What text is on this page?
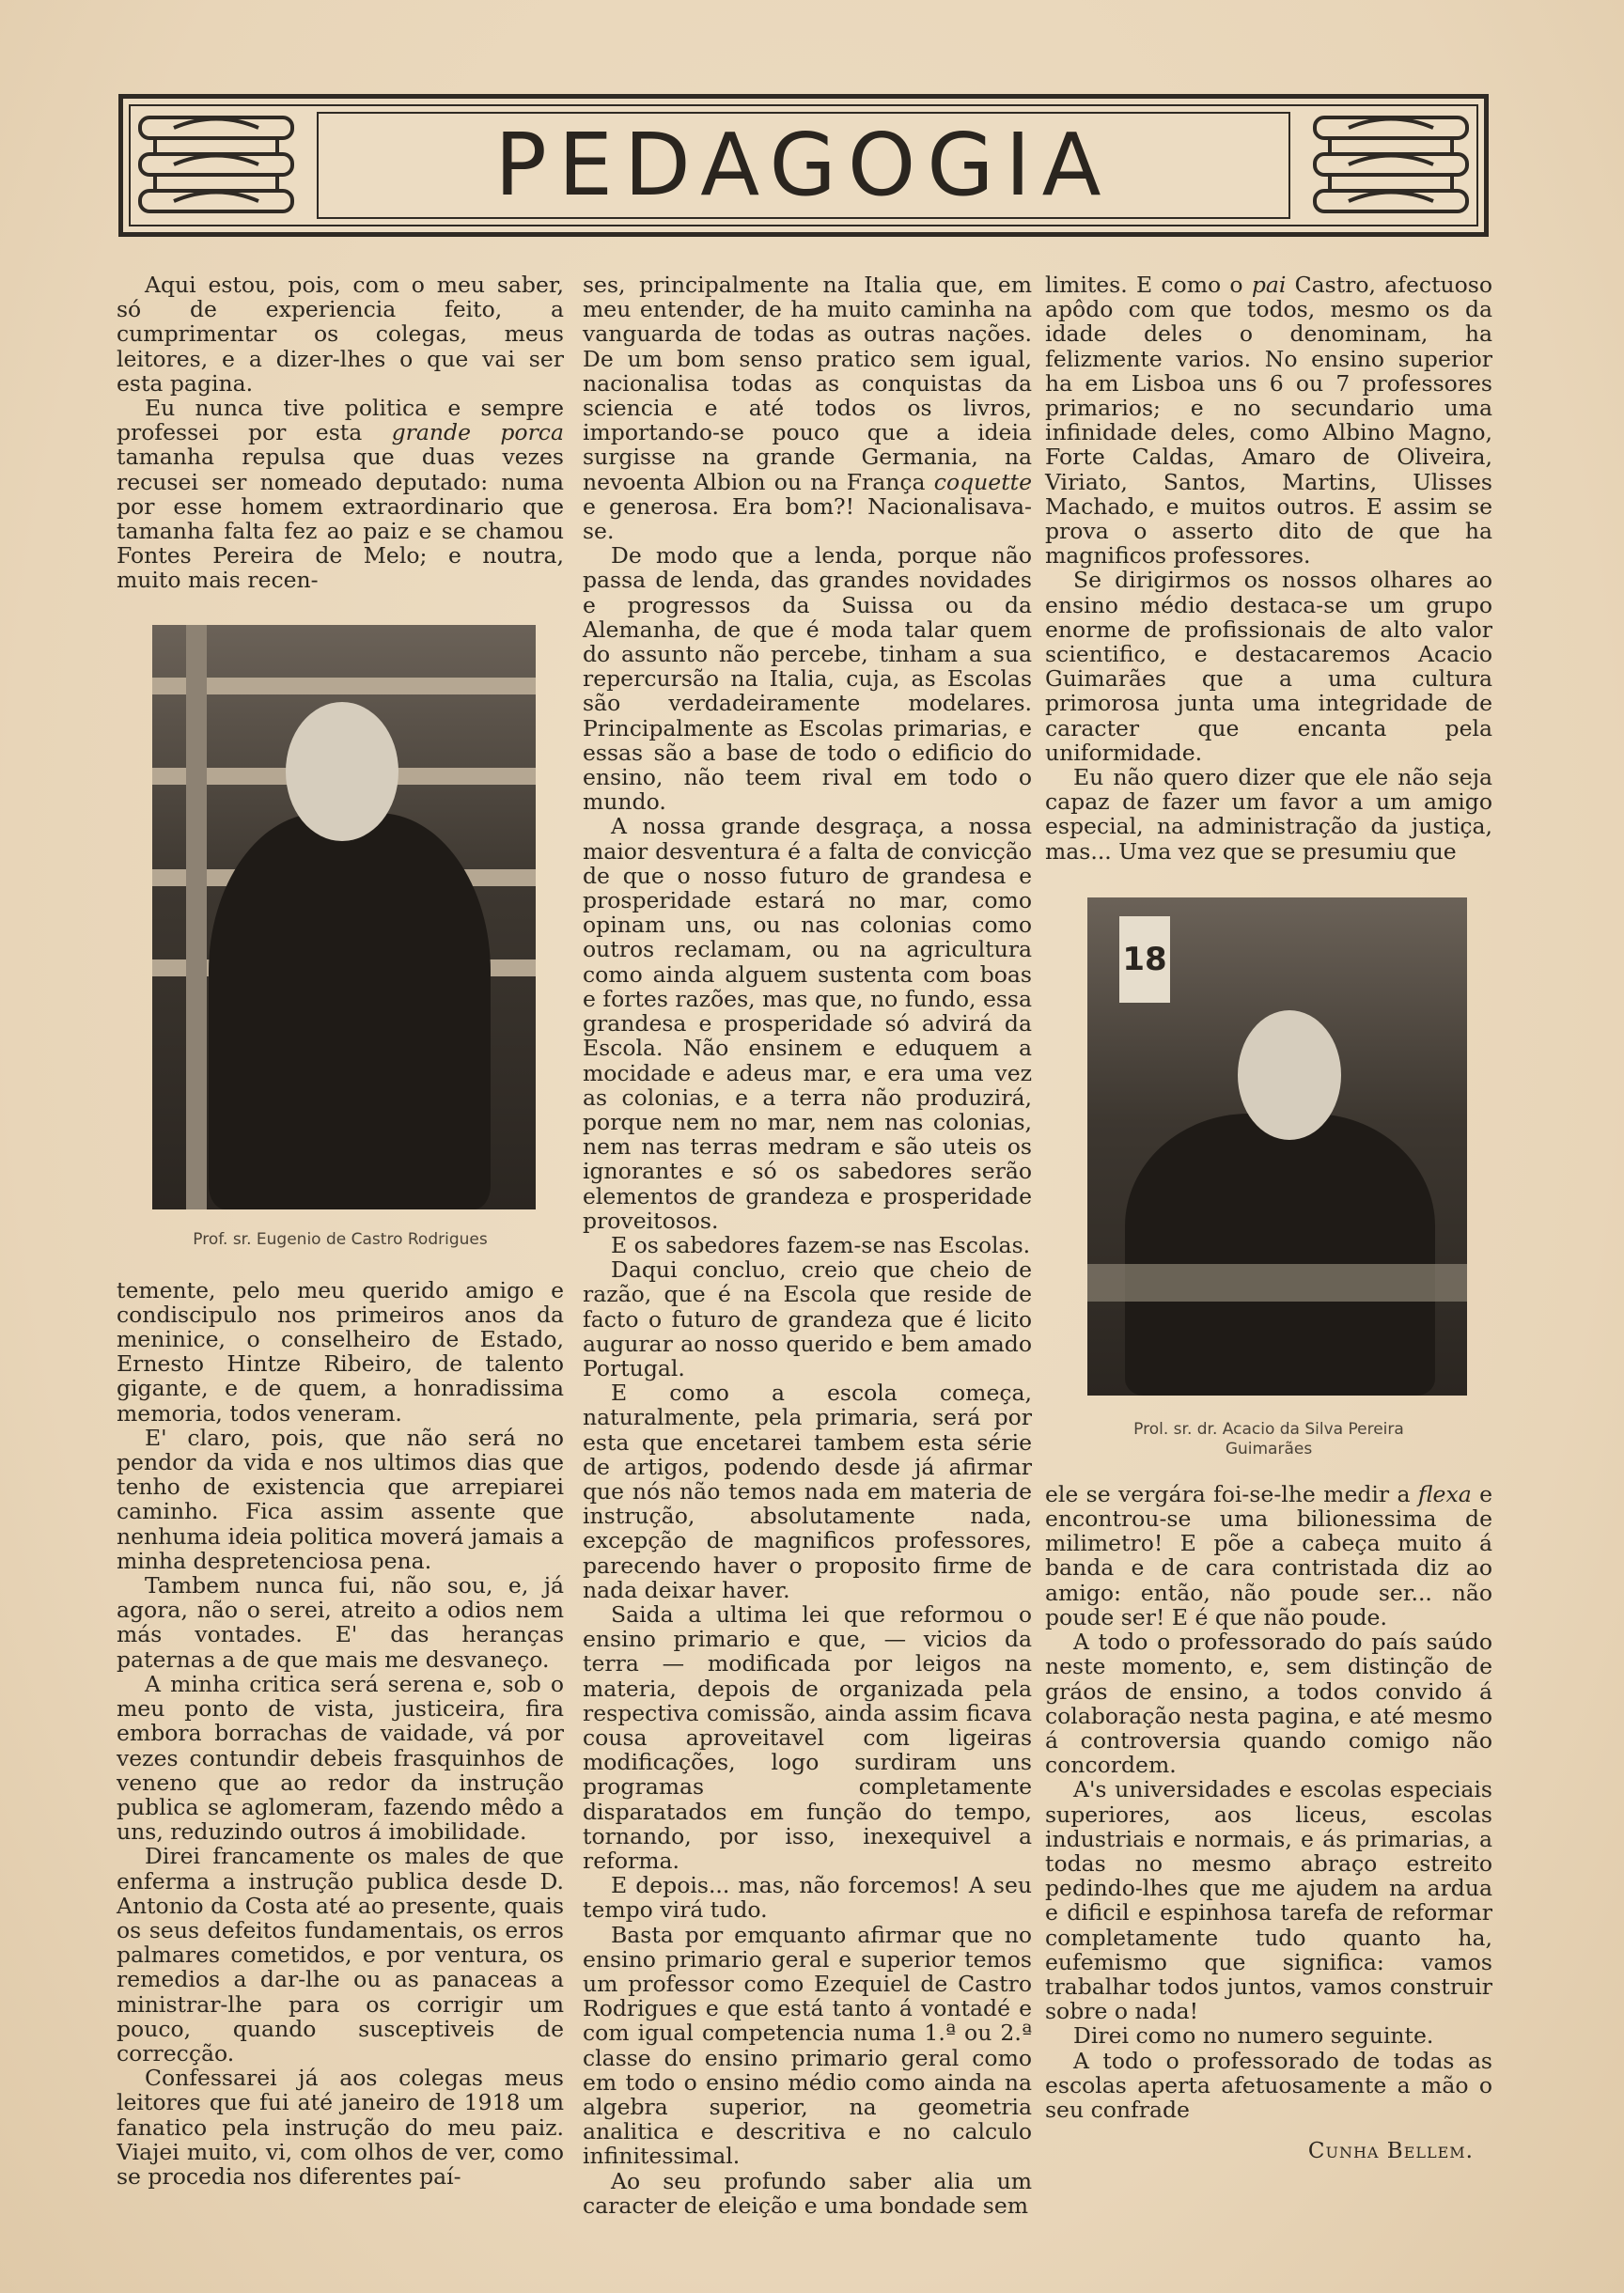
PEDAGOGIA

Aqui estou, pois, com o meu saber, só de experiencia feito, a cumprimentar os colegas, meus leitores, e a dizer-lhes o que vai ser esta pagina.

Eu nunca tive politica e sempre professei por esta grande porca tamanha repulsa que duas vezes recusei ser nomeado deputado: numa por esse homem extraordinario que tamanha falta fez ao paiz e se chamou Fontes Pereira de Melo; e noutra, muito mais recen-

Prof. sr. Eugenio de Castro Rodrigues

temente, pelo meu querido amigo e condiscipulo nos primeiros anos da meninice, o conselheiro de Estado, Ernesto Hintze Ribeiro, de talento gigante, e de quem, a honradissima memoria, todos veneram.

E' claro, pois, que não será no pendor da vida e nos ultimos dias que tenho de existencia que arrepiarei caminho. Fica assim assente que nenhuma ideia politica moverá jamais a minha despretenciosa pena.

Tambem nunca fui, não sou, e, já agora, não o serei, atreito a odios nem más vontades. E' das heranças paternas a de que mais me desvaneço.

A minha critica será serena e, sob o meu ponto de vista, justiceira, fira embora borrachas de vaidade, vá por vezes contundir debeis frasquinhos de veneno que ao redor da instrução publica se aglomeram, fazendo mêdo a uns, reduzindo outros á imobilidade.

Direi francamente os males de que enferma a instrução publica desde D. Antonio da Costa até ao presente, quais os seus defeitos fundamentais, os erros palmares cometidos, e por ventura, os remedios a dar-lhe ou as panaceas a ministrar-lhe para os corrigir um pouco, quando susceptiveis de correcção.

Confessarei já aos colegas meus leitores que fui até janeiro de 1918 um fanatico pela instrução do meu paiz. Viajei muito, vi, com olhos de ver, como se procedia nos diferentes paí-

ses, principalmente na Italia que, em meu entender, de ha muito caminha na vanguarda de todas as outras nações. De um bom senso pratico sem igual, nacionalisa todas as conquistas da sciencia e até todos os livros, importando-se pouco que a ideia surgisse na grande Germania, na nevoenta Albion ou na França coquette e generosa. Era bom?! Nacionalisava-se.

De modo que a lenda, porque não passa de lenda, das grandes novidades e progressos da Suissa ou da Alemanha, de que é moda talar quem do assunto não percebe, tinham a sua repercursão na Italia, cuja, as Escolas são verdadeiramente modelares. Principalmente as Escolas primarias, e essas são a base de todo o edificio do ensino, não teem rival em todo o mundo.

A nossa grande desgraça, a nossa maior desventura é a falta de convicção de que o nosso futuro de grandesa e prosperidade estará no mar, como opinam uns, ou nas colonias como outros reclamam, ou na agricultura como ainda alguem sustenta com boas e fortes razões, mas que, no fundo, essa grandesa e prosperidade só advirá da Escola. Não ensinem e eduquem a mocidade e adeus mar, e era uma vez as colonias, e a terra não produzirá, porque nem no mar, nem nas colonias, nem nas terras medram e são uteis os ignorantes e só os sabedores serão elementos de grandeza e prosperidade proveitosos.

E os sabedores fazem-se nas Escolas.

Daqui concluo, creio que cheio de razão, que é na Escola que reside de facto o futuro de grandeza que é licito augurar ao nosso querido e bem amado Portugal.

E como a escola começa, naturalmente, pela primaria, será por esta que encetarei tambem esta série de artigos, podendo desde já afirmar que nós não temos nada em materia de instrução, absolutamente nada, excepção de magnificos professores, parecendo haver o proposito firme de nada deixar haver.

Saida a ultima lei que reformou o ensino primario e que, — vicios da terra — modificada por leigos na materia, depois de organizada pela respectiva comissão, ainda assim ficava cousa aproveitavel com ligeiras modificações, logo surdiram uns programas completamente disparatados em função do tempo, tornando, por isso, inexequivel a reforma.

E depois... mas, não forcemos! A seu tempo virá tudo.

Basta por emquanto afirmar que no ensino primario geral e superior temos um professor como Ezequiel de Castro Rodrigues e que está tanto á vontadé e com igual competencia numa 1.ª ou 2.ª classe do ensino primario geral como em todo o ensino médio como ainda na algebra superior, na geometria analitica e descritiva e no calculo infinitessimal.

Ao seu profundo saber alia um caracter de eleição e uma bondade sem

limites. E como o pai Castro, afectuoso apôdo com que todos, mesmo os da idade deles o denominam, ha felizmente varios. No ensino superior ha em Lisboa uns 6 ou 7 professores primarios; e no secundario uma infinidade deles, como Albino Magno, Forte Caldas, Amaro de Oliveira, Viriato, Santos, Martins, Ulisses Machado, e muitos outros. E assim se prova o asserto dito de que ha magnificos professores.

Se dirigirmos os nossos olhares ao ensino médio destaca-se um grupo enorme de profissionais de alto valor scientifico, e destacaremos Acacio Guimarães que a uma cultura primorosa junta uma integridade de caracter que encanta pela uniformidade.

Eu não quero dizer que ele não seja capaz de fazer um favor a um amigo especial, na administração da justiça, mas... Uma vez que se presumiu que

18
Prol. sr. dr. Acacio da Silva Pereira
Guimarães

ele se vergára foi-se-lhe medir a flexa e encontrou-se uma bilionessima de milimetro! E põe a cabeça muito á banda e de cara contristada diz ao amigo: então, não poude ser... não poude ser! E é que não poude.

A todo o professorado do país saúdo neste momento, e, sem distinção de gráos de ensino, a todos convido á colaboração nesta pagina, e até mesmo á controversia quando comigo não concordem.

A's universidades e escolas especiais superiores, aos liceus, escolas industriais e normais, e ás primarias, a todas no mesmo abraço estreito pedindo-lhes que me ajudem na ardua e dificil e espinhosa tarefa de reformar completamente tudo quanto ha, eufemismo que significa: vamos trabalhar todos juntos, vamos construir sobre o nada!

Direi como no numero seguinte.

A todo o professorado de todas as escolas aperta afetuosamente a mão o seu confrade

Cunha Bellem.
